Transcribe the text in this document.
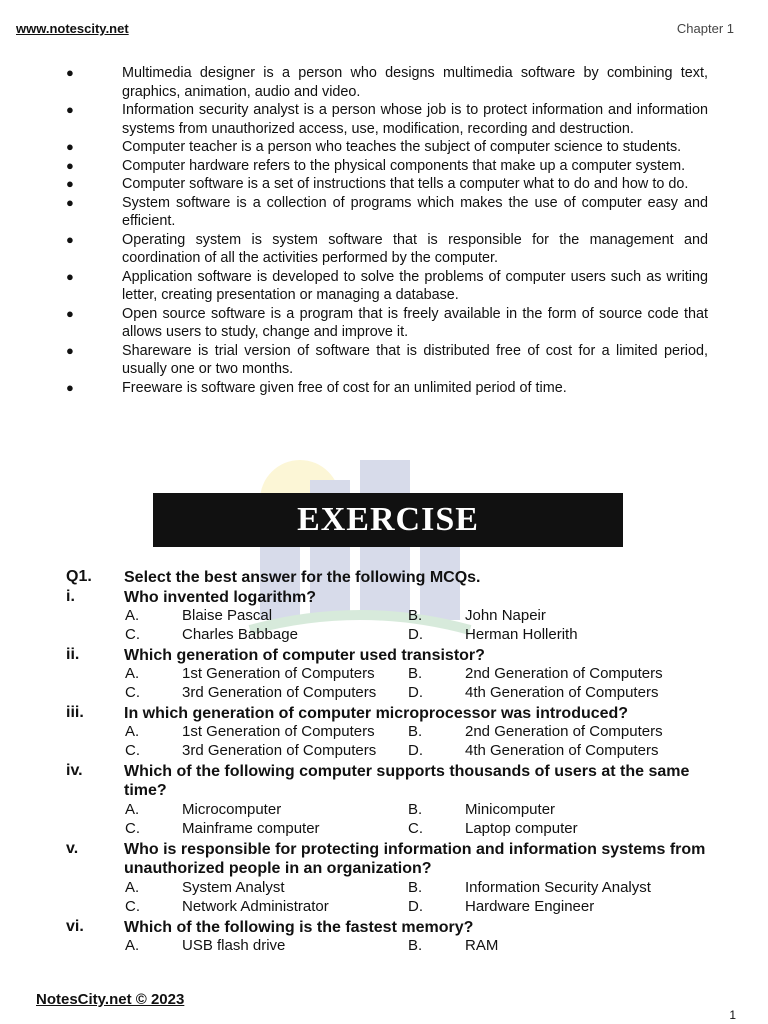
www.notescity.net	Chapter 1
●	Multimedia designer is a person who designs multimedia software by combining text, graphics, animation, audio and video.
●	Information security analyst is a person whose job is to protect information and information systems from unauthorized access, use, modification, recording and destruction.
●	Computer teacher is a person who teaches the subject of computer science to students.
●	Computer hardware refers to the physical components that make up a computer system.
●	Computer software is a set of instructions that tells a computer what to do and how to do.
●	System software is a collection of programs which makes the use of computer easy and efficient.
●	Operating system is system software that is responsible for the management and coordination of all the activities performed by the computer.
●	Application software is developed to solve the problems of computer users such as writing letter, creating presentation or managing a database.
●	Open source software is a program that is freely available in the form of source code that allows users to study, change and improve it.
●	Shareware is trial version of software that is distributed free of cost for a limited period, usually one or two months.
●	Freeware is software given free of cost for an unlimited period of time.
EXERCISE
Q1. Select the best answer for the following MCQs.
i.	Who invented logarithm?
A.	Blaise Pascal	B.	John Napeir
C.	Charles Babbage	D.	Herman Hollerith
ii.	Which generation of computer used transistor?
A.	1st Generation of Computers B.	2nd Generation of Computers
C.	3rd Generation of Computers D.	4th Generation of Computers
iii.	In which generation of computer microprocessor was introduced?
A.	1st Generation of Computers B.	2nd Generation of Computers
C.	3rd Generation of Computers D.	4th Generation of Computers
iv.	Which of the following computer supports thousands of users at the same time?
A.	Microcomputer	B.	Minicomputer
C.	Mainframe computer	C.	Laptop computer
v.	Who is responsible for protecting information and information systems from unauthorized people in an organization?
A.	System Analyst	B.	Information Security Analyst
C.	Network Administrator	D.	Hardware Engineer
vi.	Which of the following is the fastest memory?
A.	USB flash drive	B.	RAM
NotesCity.net © 2023
1
